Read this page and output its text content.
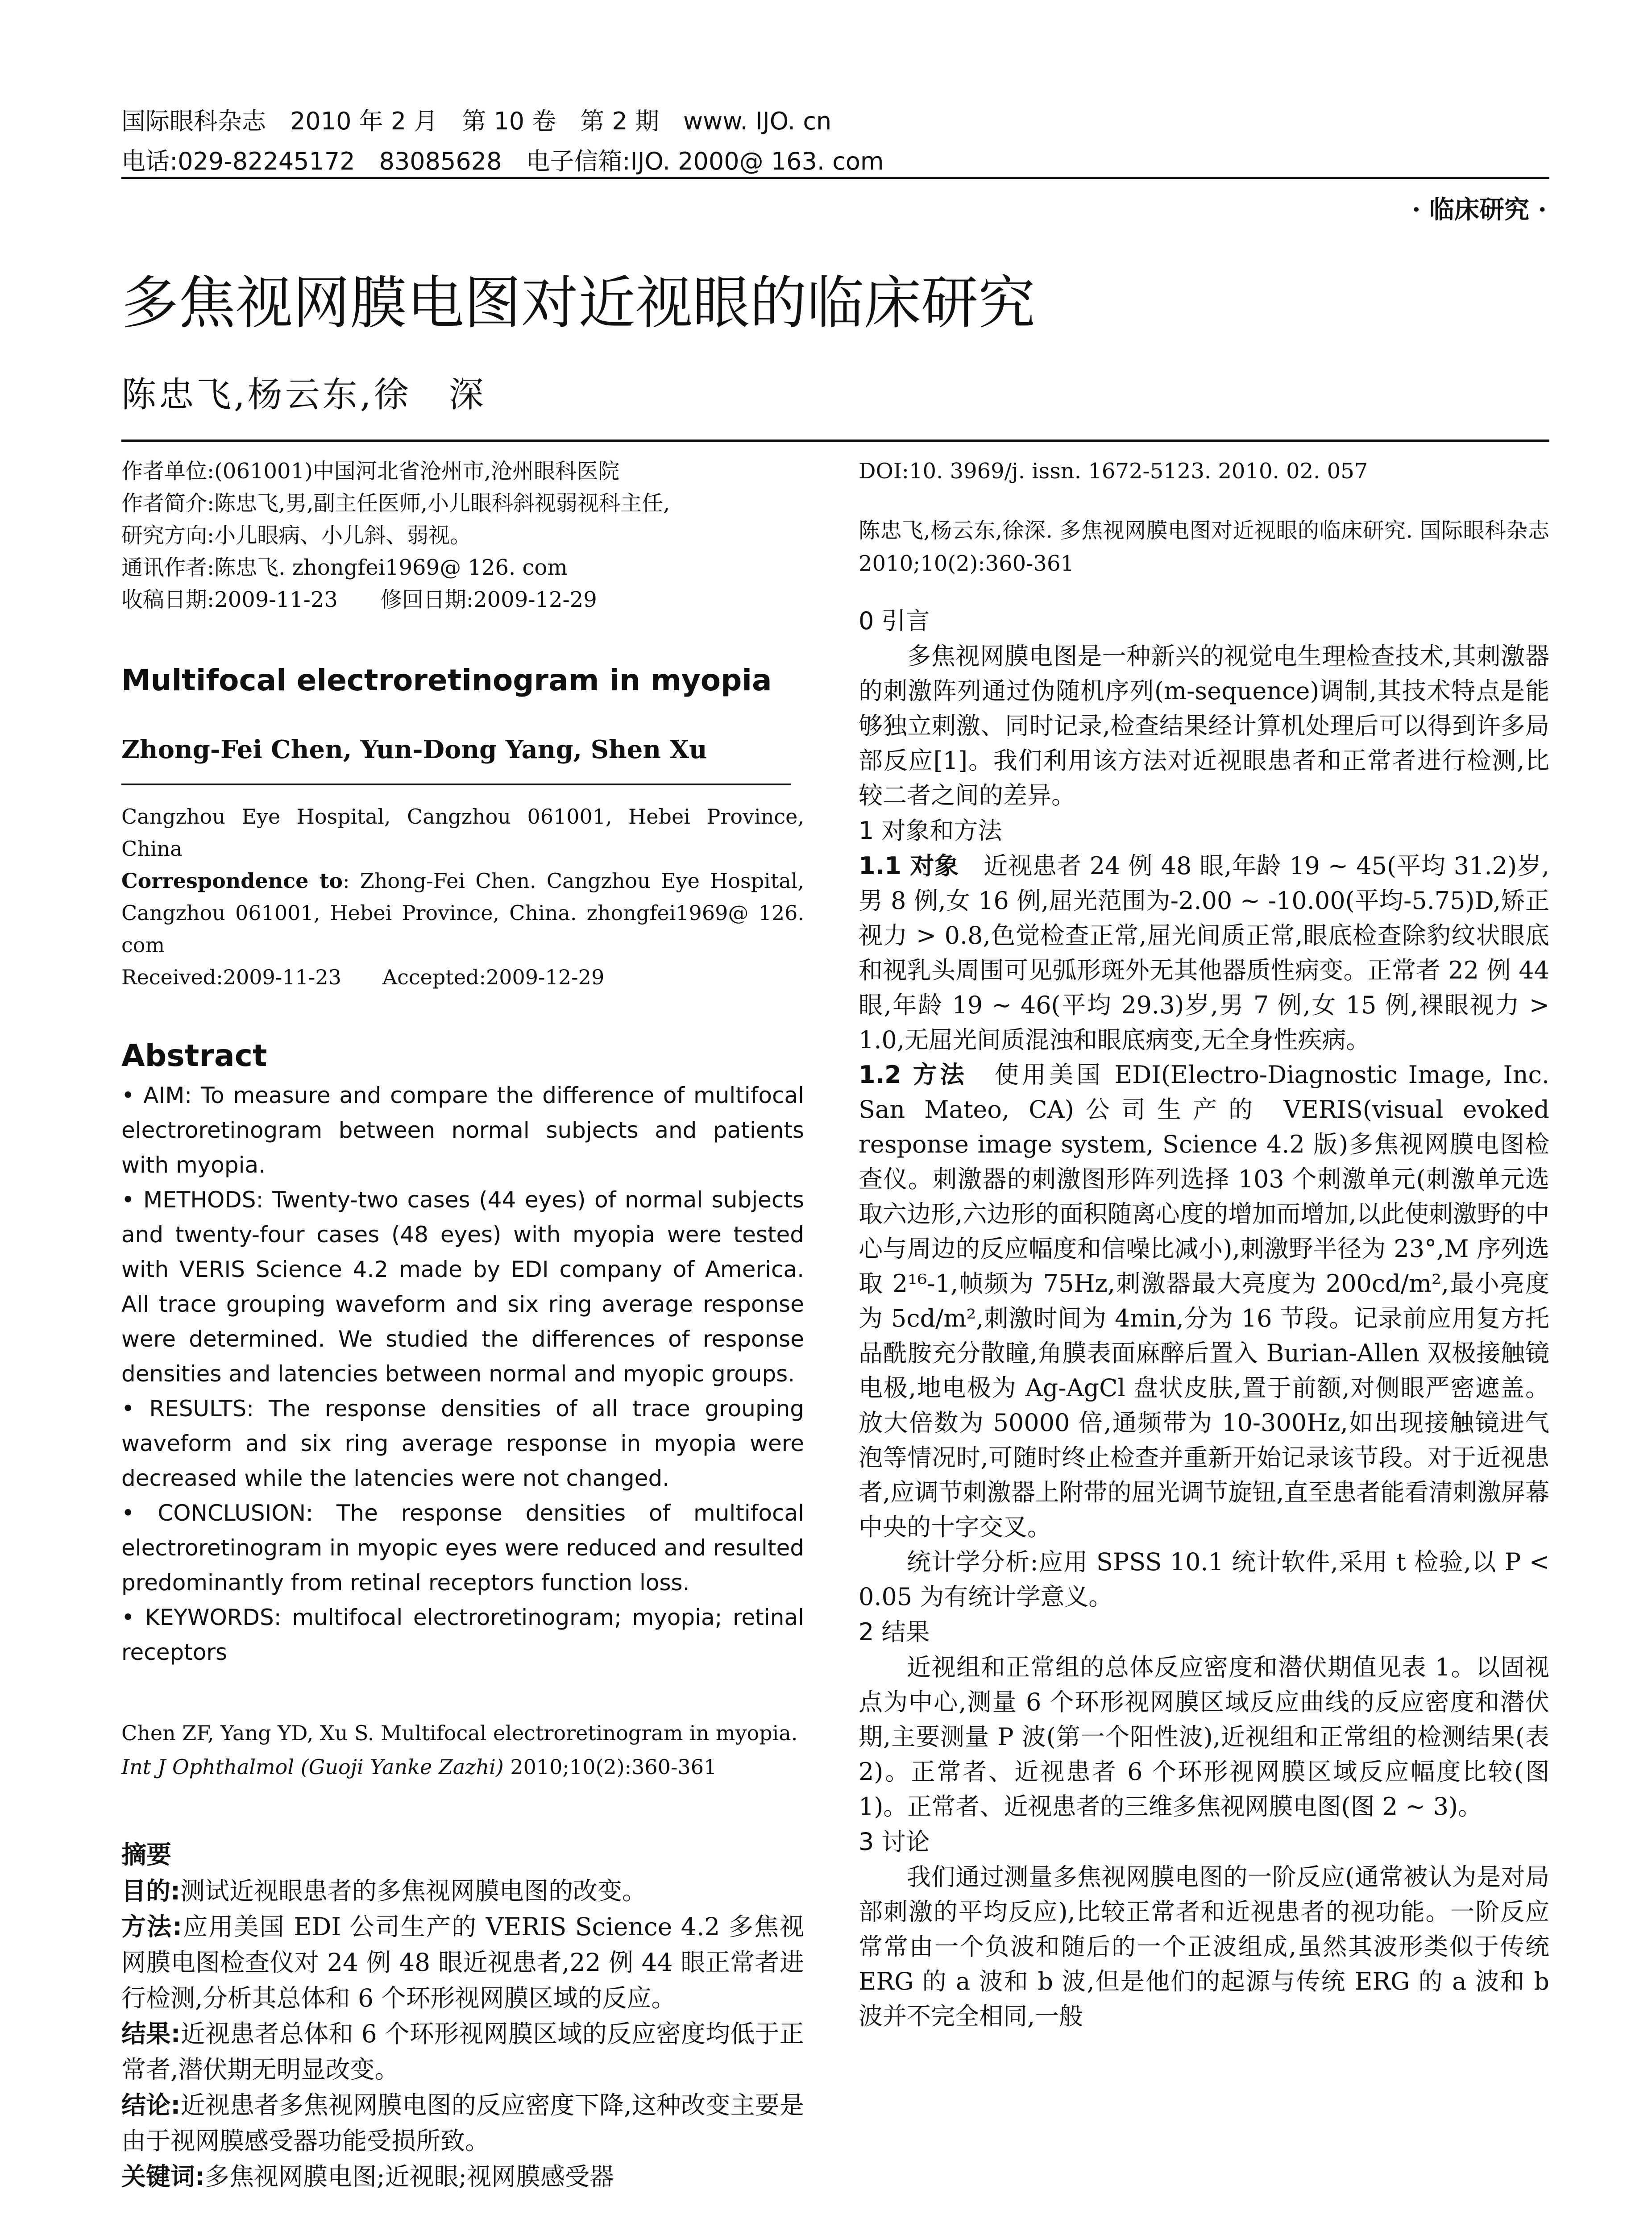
国际眼科杂志　2010 年 2 月　第 10 卷　第 2 期　www. IJO. cn
电话:029-82245172　83085628　电子信箱:IJO. 2000@ 163. com
· 临床研究 ·
多焦视网膜电图对近视眼的临床研究
陈忠飞,杨云东,徐　深
作者单位:(061001)中国河北省沧州市,沧州眼科医院
作者简介:陈忠飞,男,副主任医师,小儿眼科斜视弱视科主任,
研究方向:小儿眼病、小儿斜、弱视。
通讯作者:陈忠飞. zhongfei1969@ 126. com
收稿日期:2009-11-23　　修回日期:2009-12-29
Multifocal electroretinogram in myopia
Zhong-Fei Chen, Yun-Dong Yang, Shen Xu
Cangzhou Eye Hospital, Cangzhou 061001, Hebei Province, China
Correspondence to: Zhong-Fei Chen. Cangzhou Eye Hospital, Cangzhou 061001, Hebei Province, China. zhongfei1969@ 126. com
Received:2009-11-23　　Accepted:2009-12-29
Abstract

• AIM: To measure and compare the difference of multifocal electroretinogram between normal subjects and patients with myopia.

• METHODS: Twenty-two cases (44 eyes) of normal subjects and twenty-four cases (48 eyes) with myopia were tested with VERIS Science 4.2 made by EDI company of America. All trace grouping waveform and six ring average response were determined. We studied the differences of response densities and latencies between normal and myopic groups.

• RESULTS: The response densities of all trace grouping waveform and six ring average response in myopia were decreased while the latencies were not changed.

• CONCLUSION: The response densities of multifocal electroretinogram in myopic eyes were reduced and resulted predominantly from retinal receptors function loss.

• KEYWORDS: multifocal electroretinogram; myopia; retinal receptors

Chen ZF, Yang YD, Xu S. Multifocal electroretinogram in myopia.
Int J Ophthalmol (Guoji Yanke Zazhi) 2010;10(2):360-361
摘要

目的:测试近视眼患者的多焦视网膜电图的改变。

方法:应用美国 EDI 公司生产的 VERIS Science 4.2 多焦视网膜电图检查仪对 24 例 48 眼近视患者,22 例 44 眼正常者进行检测,分析其总体和 6 个环形视网膜区域的反应。

结果:近视患者总体和 6 个环形视网膜区域的反应密度均低于正常者,潜伏期无明显改变。

结论:近视患者多焦视网膜电图的反应密度下降,这种改变主要是由于视网膜感受器功能受损所致。

关键词:多焦视网膜电图;近视眼;视网膜感受器

DOI:10. 3969/j. issn. 1672-5123. 2010. 02. 057
陈忠飞,杨云东,徐深. 多焦视网膜电图对近视眼的临床研究. 国际眼科杂志 2010;10(2):360-361
0 引言

多焦视网膜电图是一种新兴的视觉电生理检查技术,其刺激器的刺激阵列通过伪随机序列(m-sequence)调制,其技术特点是能够独立刺激、同时记录,检查结果经计算机处理后可以得到许多局部反应[1]。我们利用该方法对近视眼患者和正常者进行检测,比较二者之间的差异。

1 对象和方法

1.1 对象　近视患者 24 例 48 眼,年龄 19 ~ 45(平均 31.2)岁,男 8 例,女 16 例,屈光范围为-2.00 ~ -10.00(平均-5.75)D,矫正视力 > 0.8,色觉检查正常,屈光间质正常,眼底检查除豹纹状眼底和视乳头周围可见弧形斑外无其他器质性病变。正常者 22 例 44 眼,年龄 19 ~ 46(平均 29.3)岁,男 7 例,女 15 例,裸眼视力 > 1.0,无屈光间质混浊和眼底病变,无全身性疾病。

1.2 方法　使用美国 EDI(Electro-Diagnostic Image, Inc. San Mateo, CA)公司生产的 VERIS(visual evoked response image system, Science 4.2 版)多焦视网膜电图检查仪。刺激器的刺激图形阵列选择 103 个刺激单元(刺激单元选取六边形,六边形的面积随离心度的增加而增加,以此使刺激野的中心与周边的反应幅度和信噪比减小),刺激野半径为 23°,M 序列选取 2¹⁶-1,帧频为 75Hz,刺激器最大亮度为 200cd/m²,最小亮度为 5cd/m²,刺激时间为 4min,分为 16 节段。记录前应用复方托品酰胺充分散瞳,角膜表面麻醉后置入 Burian-Allen 双极接触镜电极,地电极为 Ag-AgCl 盘状皮肤,置于前额,对侧眼严密遮盖。放大倍数为 50000 倍,通频带为 10-300Hz,如出现接触镜进气泡等情况时,可随时终止检查并重新开始记录该节段。对于近视患者,应调节刺激器上附带的屈光调节旋钮,直至患者能看清刺激屏幕中央的十字交叉。

统计学分析:应用 SPSS 10.1 统计软件,采用 t 检验,以 P < 0.05 为有统计学意义。

2 结果

近视组和正常组的总体反应密度和潜伏期值见表 1。以固视点为中心,测量 6 个环形视网膜区域反应曲线的反应密度和潜伏期,主要测量 P 波(第一个阳性波),近视组和正常组的检测结果(表 2)。正常者、近视患者 6 个环形视网膜区域反应幅度比较(图 1)。正常者、近视患者的三维多焦视网膜电图(图 2 ~ 3)。

3 讨论

我们通过测量多焦视网膜电图的一阶反应(通常被认为是对局部刺激的平均反应),比较正常者和近视患者的视功能。一阶反应常常由一个负波和随后的一个正波组成,虽然其波形类似于传统 ERG 的 a 波和 b 波,但是他们的起源与传统 ERG 的 a 波和 b 波并不完全相同,一般
